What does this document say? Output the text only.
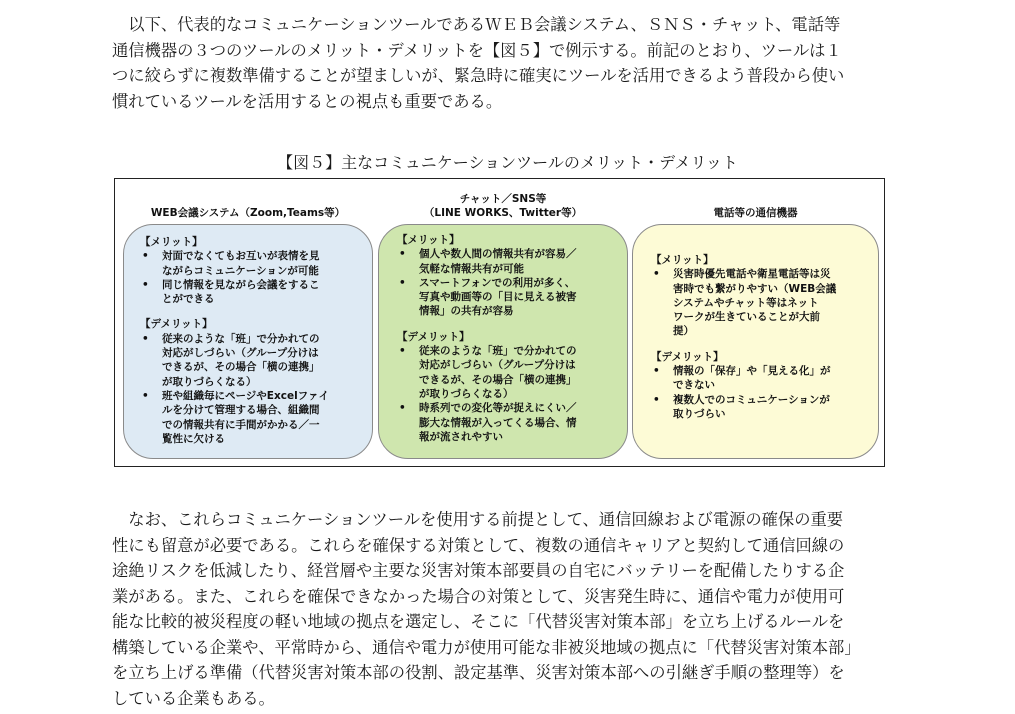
　以下、代表的なコミュニケーションツールであるＷＥＢ会議システム、ＳＮＳ・チャット、電話等
通信機器の３つのツールのメリット・デメリットを【図５】で例示する。前記のとおり、ツールは１
つに絞らずに複数準備することが望ましいが、緊急時に確実にツールを活用できるよう普段から使い
慣れているツールを活用するとの視点も重要である。

【図５】主なコミュニケーションツールのメリット・デメリット
WEB会議システム（Zoom,Teams等）
チャット／SNS等
（LINE WORKS、Twitter等）	電話等の通信機器
【メリット】
• 対面でなくてもお互いが表情を見
ながらコミュニケーションが可能
• 同じ情報を見ながら会議をするこ
とができる
【デメリット】
• 従来のような「班」で分かれての
対応がしづらい（グループ分けは
できるが、その場合「横の連携」
が取りづらくなる）
• 班や組織毎にページやExcelファイ
ルを分けて管理する場合、組織間
での情報共有に手間がかかる／一
覧性に欠ける
【メリット】
• 個人や数人間の情報共有が容易／
気軽な情報共有が可能
• スマートフォンでの利用が多く、
写真や動画等の「目に見える被害
情報」の共有が容易
【デメリット】
• 従来のような「班」で分かれての
対応がしづらい（グループ分けは
できるが、その場合「横の連携」
が取りづらくなる）
• 時系列での変化等が捉えにくい／
膨大な情報が入ってくる場合、情
報が流されやすい
【メリット】
• 災害時優先電話や衛星電話等は災
害時でも繋がりやすい（WEB会議
システムやチャット等はネット
ワークが生きていることが大前
提）
【デメリット】
• 情報の「保存」や「見える化」が
できない
• 複数人でのコミュニケーションが
取りづらい

　なお、これらコミュニケーションツールを使用する前提として、通信回線および電源の確保の重要
性にも留意が必要である。これらを確保する対策として、複数の通信キャリアと契約して通信回線の
途絶リスクを低減したり、経営層や主要な災害対策本部要員の自宅にバッテリーを配備したりする企
業がある。また、これらを確保できなかった場合の対策として、災害発生時に、通信や電力が使用可
能な比較的被災程度の軽い地域の拠点を選定し、そこに「代替災害対策本部」を立ち上げるルールを
構築している企業や、平常時から、通信や電力が使用可能な非被災地域の拠点に「代替災害対策本部」
を立ち上げる準備（代替災害対策本部の役割、設定基準、災害対策本部への引継ぎ手順の整理等）を
している企業もある。
